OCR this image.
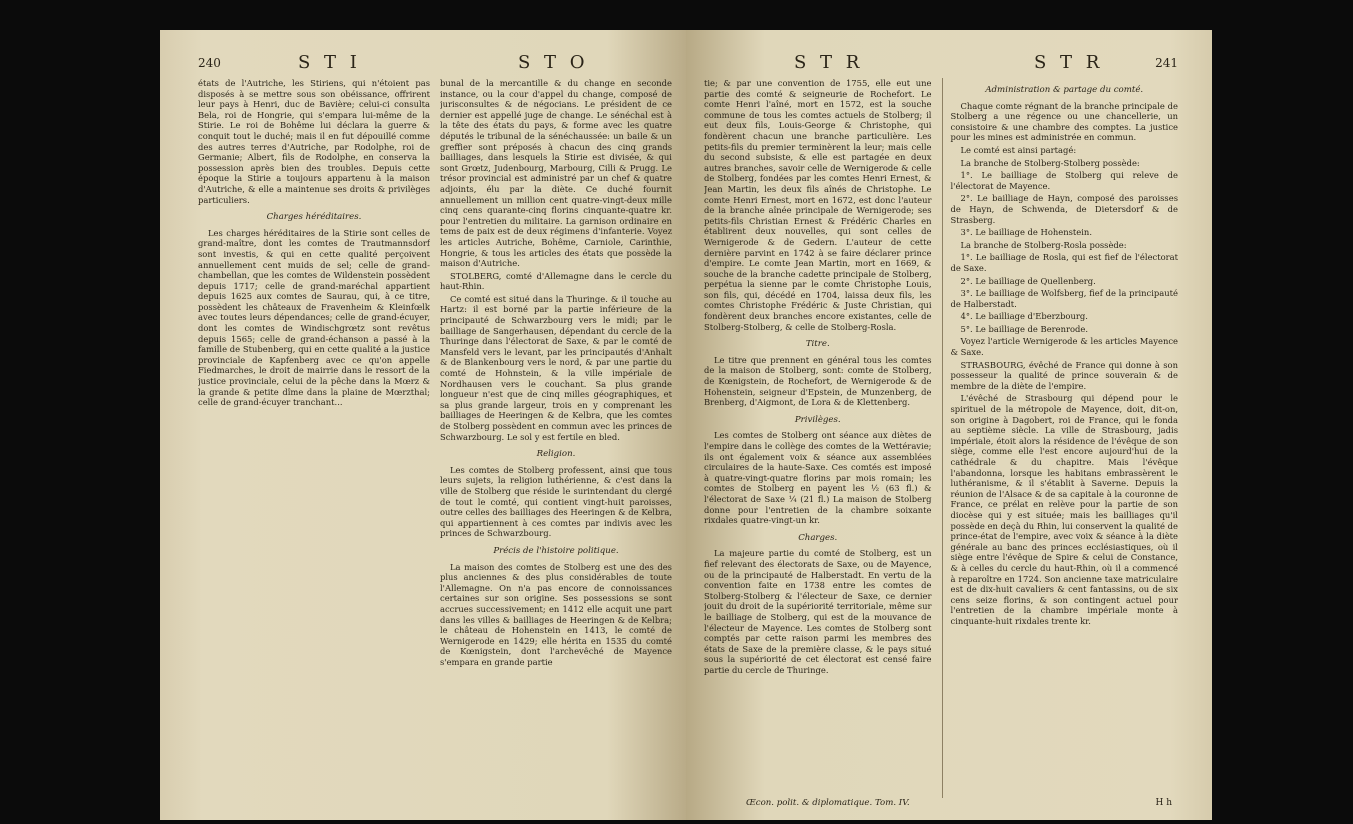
240	S T I	S T O

états de l'Autriche, les Stiriens, qui n'étoient pas disposés à se mettre sous son obéissance, offrirent leur pays à Henri, duc de Bavière; celui-ci consulta Bela, roi de Hongrie, qui s'empara lui-même de la Stirie. Le roi de Bohême lui déclara la guerre & conquit tout le duché; mais il en fut dépouillé comme des autres terres d'Autriche, par Rodolphe, roi de Germanie; Albert, fils de Rodolphe, en conserva la possession après bien des troubles. Depuis cette époque la Stirie a toujours appartenu à la maison d'Autriche, & elle a maintenue ses droits & privilèges particuliers.

Charges héréditaires.

Les charges héréditaires de la Stirie sont celles de grand-maître, dont les comtes de Trautmannsdorf sont investis, & qui en cette qualité perçoivent annuellement cent muids de sel; celle de grand-chambellan, que les comtes de Wildenstein possèdent depuis 1717; celle de grand-maréchal appartient depuis 1625 aux comtes de Saurau, qui, à ce titre, possèdent les châteaux de Fravenheim & Kleinfœlk avec toutes leurs dépendances; celle de grand-écuyer, dont les comtes de Windischgrœtz sont revêtus depuis 1565; celle de grand-échanson a passé à la famille de Stubenberg, qui en cette qualité a la justice provinciale de Kapfenberg avec ce qu'on appelle Fiedmarches, le droit de mairrie dans le ressort de la justice provinciale, celui de la pêche dans la Mœrz & la grande & petite dîme dans la plaine de Mœrzthal; celle de grand-écuyer tranchant...

bunal de la mercantille & du change en seconde instance, ou la cour d'appel du change, composé de jurisconsultes & de négocians. Le président de ce dernier est appellé juge de change. Le sénéchal est à la tête des états du pays, & forme avec les quatre députés le tribunal de la sénéchaussée: un baile & un greffier sont préposés à chacun des cinq grands bailliages, dans lesquels la Stirie est divisée, & qui sont Grœtz, Judenbourg, Marbourg, Cilli & Prugg. Le trésor provincial est administré par un chef & quatre adjoints, élu par la diète. Ce duché fournit annuellement un million cent quatre-vingt-deux mille cinq cens quarante-cinq florins cinquante-quatre kr. pour l'entretien du militaire. La garnison ordinaire en tems de paix est de deux régimens d'infanterie. Voyez les articles Autriche, Bohême, Carniole, Carinthie, Hongrie, & tous les articles des états que possède la maison d'Autriche.

STOLBERG, comté d'Allemagne dans le cercle du haut-Rhin.

Ce comté est situé dans la Thuringe. & il touche au Hartz: il est borné par la partie inférieure de la principauté de Schwarzbourg vers le midi; par le bailliage de Sangerhausen, dépendant du cercle de la Thuringe dans l'électorat de Saxe, & par le comté de Mansfeld vers le levant, par les principautés d'Anhalt & de Blankenbourg vers le nord, & par une partie du comté de Hohnstein, & la ville impériale de Nordhausen vers le couchant. Sa plus grande longueur n'est que de cinq milles géographiques, et sa plus grande largeur, trois en y comprenant les bailliages de Heeringen & de Kelbra, que les comtes de Stolberg possèdent en commun avec les princes de Schwarzbourg. Le sol y est fertile en bled.

Religion.

Les comtes de Stolberg professent, ainsi que tous leurs sujets, la religion luthérienne, & c'est dans la ville de Stolberg que réside le surintendant du clergé de tout le comté, qui contient vingt-huit paroisses, outre celles des bailliages des Heeringen & de Kelbra, qui appartiennent à ces comtes par indivis avec les princes de Schwarzbourg.

Précis de l'histoire politique.

La maison des comtes de Stolberg est une des des plus anciennes & des plus considérables de toute l'Allemagne. On n'a pas encore de connoissances certaines sur son origine. Ses possessions se sont accrues successivement; en 1412 elle acquit une part dans les villes & bailliages de Heeringen & de Kelbra; le château de Hohenstein en 1413, le comté de Wernigerode en 1429; elle hérita en 1535 du comté de Kœnigstein, dont l'archevêché de Mayence s'empara en grande partie

S T R	S T R	241

tie; & par une convention de 1755, elle eut une partie des comté & seigneurie de Rochefort. Le comte Henri l'aîné, mort en 1572, est la souche commune de tous les comtes actuels de Stolberg; il eut deux fils, Louis-George & Christophe, qui fondèrent chacun une branche particulière. Les petits-fils du premier terminèrent la leur; mais celle du second subsiste, & elle est partagée en deux autres branches, savoir celle de Wernigerode & celle de Stolberg, fondées par les comtes Henri Ernest, & Jean Martin, les deux fils aînés de Christophe. Le comte Henri Ernest, mort en 1672, est donc l'auteur de la branche aînée principale de Wernigerode; ses petits-fils Christian Ernest & Frédéric Charles en établirent deux nouvelles, qui sont celles de Wernigerode & de Gedern. L'auteur de cette dernière parvint en 1742 à se faire déclarer prince d'empire. Le comte Jean Martin, mort en 1669, & souche de la branche cadette principale de Stolberg, perpétua la sienne par le comte Christophe Louis, son fils, qui, décédé en 1704, laissa deux fils, les comtes Christophe Frédéric & Juste Christian, qui fondèrent deux branches encore existantes, celle de Stolberg-Stolberg, & celle de Stolberg-Rosla.

Titre.

Le titre que prennent en général tous les comtes de la maison de Stolberg, sont: comte de Stolberg, de Kœnigstein, de Rochefort, de Wernigerode & de Hohenstein, seigneur d'Epstein, de Munzenberg, de Brenberg, d'Aigmont, de Lora & de Klettenberg.

Privilèges.

Les comtes de Stolberg ont séance aux diètes de l'empire dans le collège des comtes de la Wettéravie; ils ont également voix & séance aux assemblées circulaires de la haute-Saxe. Ces comtés est imposé à quatre-vingt-quatre florins par mois romain; les comtes de Stolberg en payent les ½ (63 fl.) & l'électorat de Saxe ¼ (21 fl.) La maison de Stolberg donne pour l'entretien de la chambre soixante rixdales quatre-vingt-un kr.

Charges.

La majeure partie du comté de Stolberg, est un fief relevant des électorats de Saxe, ou de Mayence, ou de la principauté de Halberstadt. En vertu de la convention faite en 1738 entre les comtes de Stolberg-Stolberg & l'électeur de Saxe, ce dernier jouit du droit de la supériorité territoriale, même sur le bailliage de Stolberg, qui est de la mouvance de l'électeur de Mayence. Les comtes de Stolberg sont comptés par cette raison parmi les membres des états de Saxe de la première classe, & le pays situé sous la supériorité de cet électorat est censé faire partie du cercle de Thuringe.

Administration & partage du comté.

Chaque comte régnant de la branche principale de Stolberg a une régence ou une chancellerie, un consistoire & une chambre des comptes. La justice pour les mines est administrée en commun.

Le comté est ainsi partagé:

La branche de Stolberg-Stolberg possède:

1°. Le bailliage de Stolberg qui releve de l'électorat de Mayence.

2°. Le bailliage de Hayn, composé des paroisses de Hayn, de Schwenda, de Dietersdorf & de Strasberg.

3°. Le bailliage de Hohenstein.

La branche de Stolberg-Rosla possède:

1°. Le bailliage de Rosla, qui est fief de l'électorat de Saxe.

2°. Le bailliage de Quellenberg.

3°. Le bailliage de Wolfsberg, fief de la principauté de Halberstadt.

4°. Le bailliage d'Eberzbourg.

5°. Le bailliage de Berenrode.

Voyez l'article Wernigerode & les articles Mayence & Saxe.

STRASBOURG, évêché de France qui donne à son possesseur la qualité de prince souverain & de membre de la diète de l'empire.

L'évêché de Strasbourg qui dépend pour le spirituel de la métropole de Mayence, doit, dit-on, son origine à Dagobert, roi de France, qui le fonda au septième siècle. La ville de Strasbourg, jadis impériale, étoit alors la résidence de l'évêque de son siège, comme elle l'est encore aujourd'hui de la cathédrale & du chapitre. Mais l'évêque l'abandonna, lorsque les habitans embrassèrent le luthéranisme, & il s'établit à Saverne. Depuis la réunion de l'Alsace & de sa capitale à la couronne de France, ce prélat en relève pour la partie de son diocèse qui y est située; mais les bailliages qu'il possède en deçà du Rhin, lui conservent la qualité de prince-état de l'empire, avec voix & séance à la diète générale au banc des princes ecclésiastiques, où il siège entre l'évêque de Spire & celui de Constance, & à celles du cercle du haut-Rhin, où il a commencé à reparoître en 1724. Son ancienne taxe matriculaire est de dix-huit cavaliers & cent fantassins, ou de six cens seize florins, & son contingent actuel pour l'entretien de la chambre impériale monte à cinquante-huit rixdales trente kr.

Œcon. polit. & diplomatique. Tom. IV.	H h
